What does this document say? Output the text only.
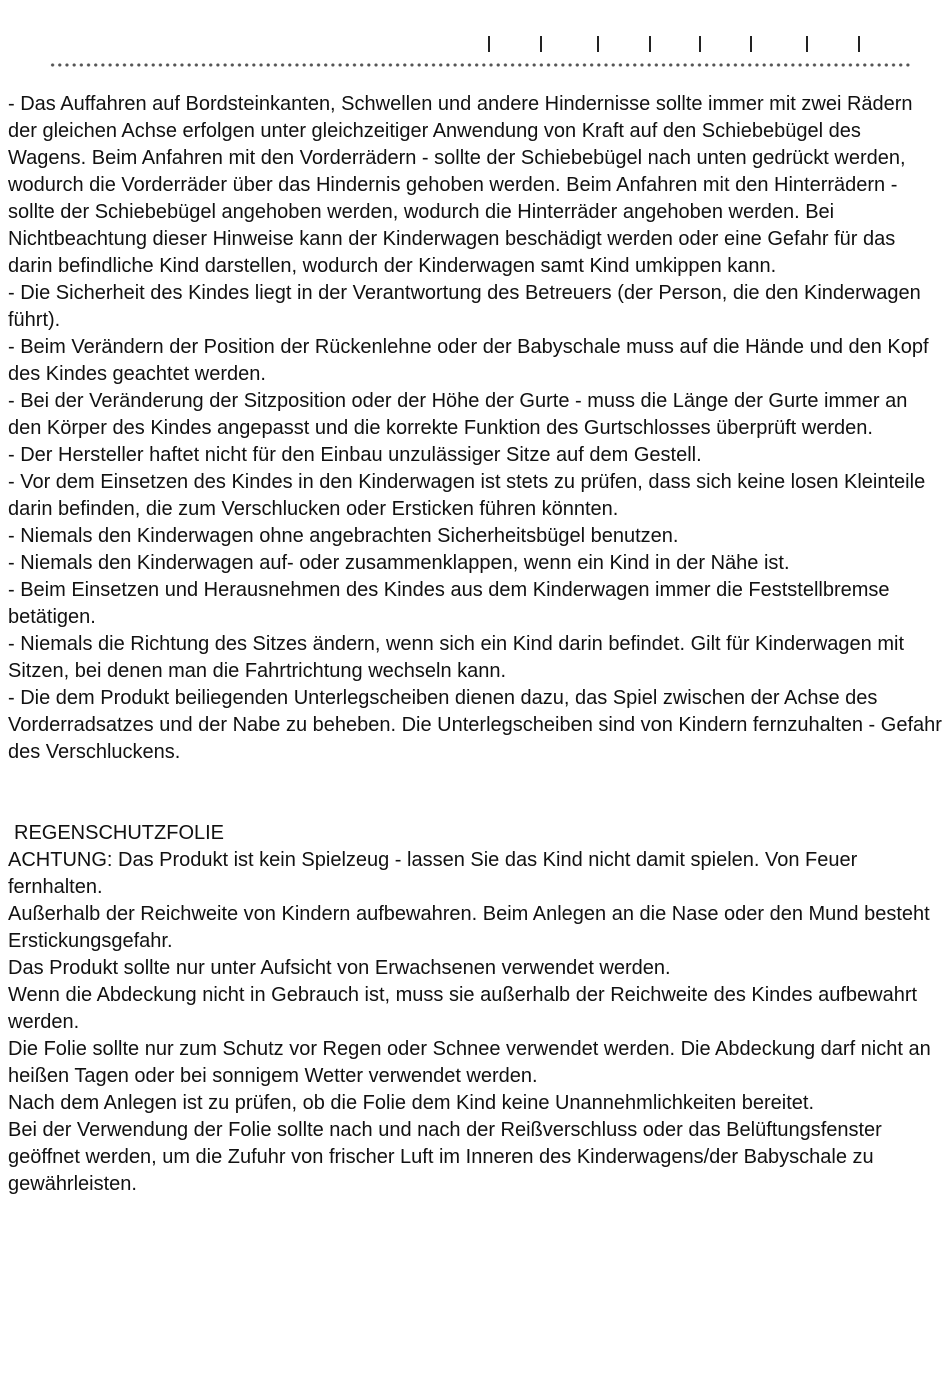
- Das Auffahren auf Bordsteinkanten, Schwellen und andere Hindernisse sollte immer mit zwei Rädern der gleichen Achse erfolgen unter gleichzeitiger Anwendung von Kraft auf den Schiebebügel des Wagens. Beim Anfahren mit den Vorderrädern - sollte der Schiebebügel nach unten gedrückt werden, wodurch die Vorderräder über das Hindernis gehoben werden. Beim Anfahren mit den Hinterrädern - sollte der Schiebebügel angehoben werden, wodurch die Hinterräder angehoben werden. Bei Nichtbeachtung dieser Hinweise kann der Kinderwagen beschädigt werden oder eine Gefahr für das darin befindliche Kind darstellen, wodurch der Kinderwagen samt Kind umkippen kann.

- Die Sicherheit des Kindes liegt in der Verantwortung des Betreuers (der Person, die den Kinderwagen führt).

- Beim Verändern der Position der Rückenlehne oder der Babyschale muss auf die Hände und den Kopf des Kindes geachtet werden.

- Bei der Veränderung der Sitzposition oder der Höhe der Gurte - muss die Länge der Gurte immer an den Körper des Kindes angepasst und die korrekte Funktion des Gurtschlosses überprüft werden.

- Der Hersteller haftet nicht für den Einbau unzulässiger Sitze auf dem Gestell.

- Vor dem Einsetzen des Kindes in den Kinderwagen ist stets zu prüfen, dass sich keine losen Kleinteile darin befinden, die zum Verschlucken oder Ersticken führen könnten.

- Niemals den Kinderwagen ohne angebrachten Sicherheitsbügel benutzen.

- Niemals den Kinderwagen auf- oder zusammenklappen, wenn ein Kind in der Nähe ist.

- Beim Einsetzen und Herausnehmen des Kindes aus dem Kinderwagen immer die Feststellbremse betätigen.

- Niemals die Richtung des Sitzes ändern, wenn sich ein Kind darin befindet. Gilt für Kinderwagen mit Sitzen, bei denen man die Fahrtrichtung wechseln kann.

- Die dem Produkt beiliegenden Unterlegscheiben dienen dazu, das Spiel zwischen der Achse des Vorderradsatzes und der Nabe zu beheben. Die Unterlegscheiben sind von Kindern fernzuhalten - Gefahr des Verschluckens.

REGENSCHUTZFOLIE

ACHTUNG: Das Produkt ist kein Spielzeug - lassen Sie das Kind nicht damit spielen. Von Feuer fernhalten.

Außerhalb der Reichweite von Kindern aufbewahren. Beim Anlegen an die Nase oder den Mund besteht Erstickungsgefahr.

Das Produkt sollte nur unter Aufsicht von Erwachsenen verwendet werden.

Wenn die Abdeckung nicht in Gebrauch ist, muss sie außerhalb der Reichweite des Kindes aufbewahrt werden.

Die Folie sollte nur zum Schutz vor Regen oder Schnee verwendet werden. Die Abdeckung darf nicht an heißen Tagen oder bei sonnigem Wetter verwendet werden.

Nach dem Anlegen ist zu prüfen, ob die Folie dem Kind keine Unannehmlichkeiten bereitet.

Bei der Verwendung der Folie sollte nach und nach der Reißverschluss oder das Belüftungsfenster geöffnet werden, um die Zufuhr von frischer Luft im Inneren des Kinderwagens/der Babyschale zu gewährleisten.
